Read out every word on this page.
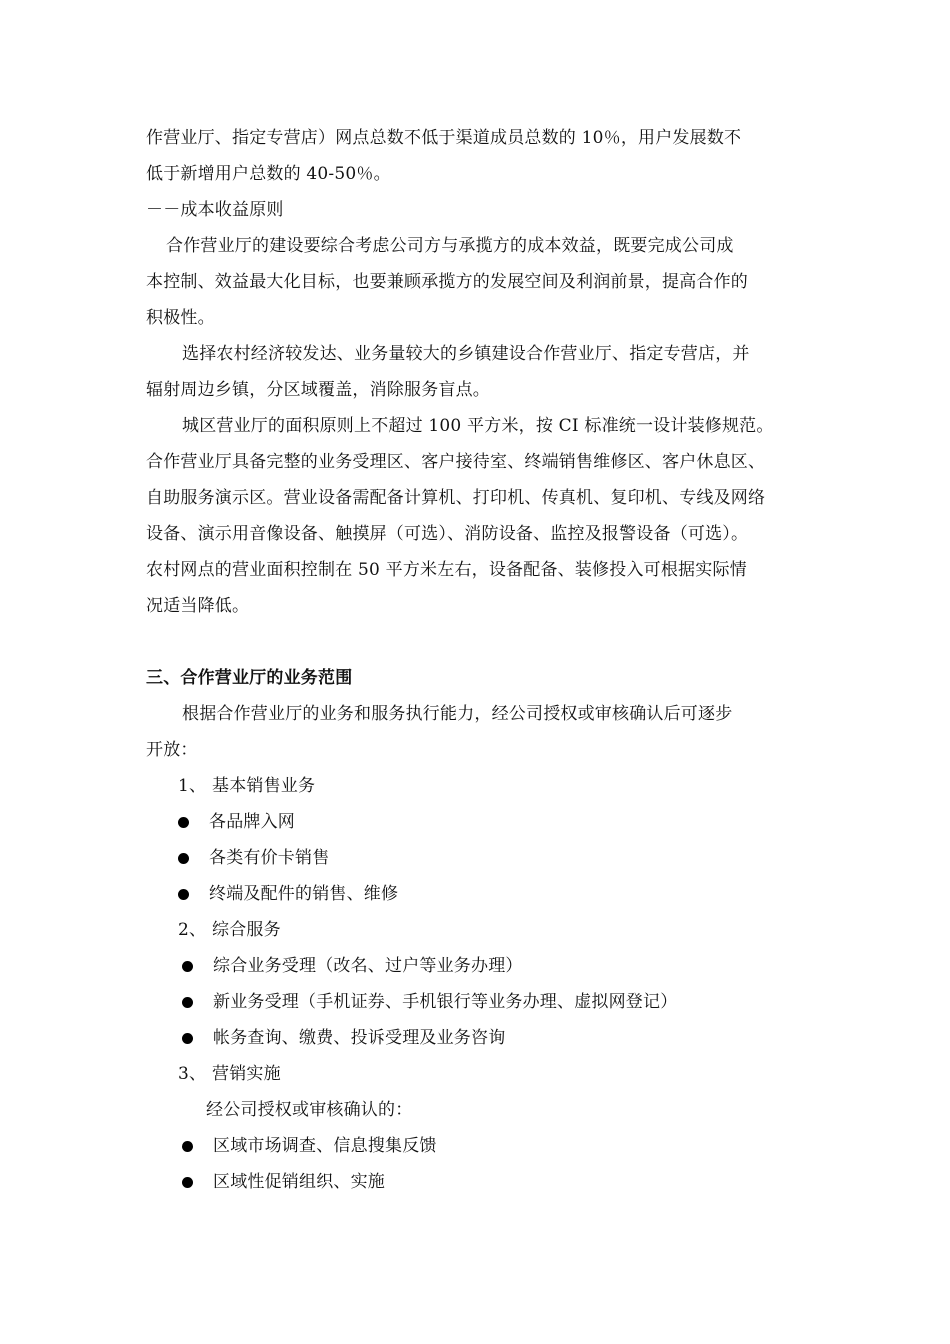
作营业厅、指定专营店）网点总数不低于渠道成员总数的 10％，用户发展数不
低于新增用户总数的 40-50％。
－－成本收益原则
合作营业厅的建设要综合考虑公司方与承揽方的成本效益，既要完成公司成
本控制、效益最大化目标，也要兼顾承揽方的发展空间及利润前景，提高合作的
积极性。
选择农村经济较发达、业务量较大的乡镇建设合作营业厅、指定专营店，并
辐射周边乡镇，分区域覆盖，消除服务盲点。
城区营业厅的面积原则上不超过 100 平方米，按 CI 标准统一设计装修规范。
合作营业厅具备完整的业务受理区、客户接待室、终端销售维修区、客户休息区、
自助服务演示区。营业设备需配备计算机、打印机、传真机、复印机、专线及网络
设备、演示用音像设备、触摸屏（可选）、消防设备、监控及报警设备（可选）。
农村网点的营业面积控制在 50 平方米左右，设备配备、装修投入可根据实际情
况适当降低。
三、合作营业厅的业务范围
根据合作营业厅的业务和服务执行能力，经公司授权或审核确认后可逐步
开放：
1、 基本销售业务
各品牌入网
各类有价卡销售
终端及配件的销售、维修
2、 综合服务
综合业务受理（改名、过户等业务办理）
新业务受理（手机证券、手机银行等业务办理、虚拟网登记）
帐务查询、缴费、投诉受理及业务咨询
3、 营销实施
经公司授权或审核确认的：
区域市场调查、信息搜集反馈
区域性促销组织、实施
